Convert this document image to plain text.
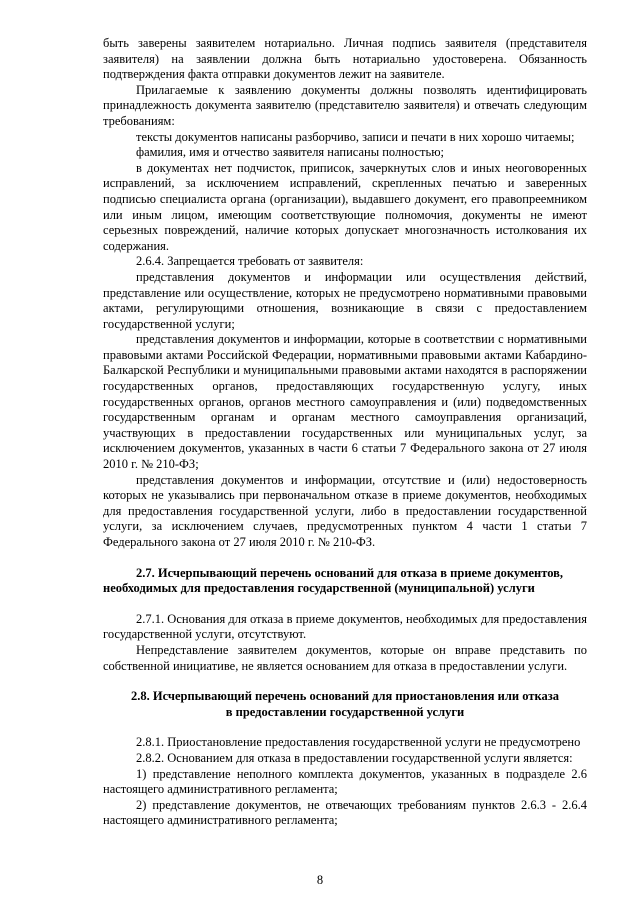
быть заверены заявителем нотариально. Личная подпись заявителя (представителя заявителя) на заявлении должна быть нотариально удостоверена. Обязанность подтверждения факта отправки документов лежит на заявителе.

Прилагаемые к заявлению документы должны позволять идентифицировать принадлежность документа заявителю (представителю заявителя) и отвечать следующим требованиям:

тексты документов написаны разборчиво, записи и печати в них хорошо читаемы;

фамилия, имя и отчество заявителя написаны полностью;

в документах нет подчисток, приписок, зачеркнутых слов и иных неоговоренных исправлений, за исключением исправлений, скрепленных печатью и заверенных подписью специалиста органа (организации), выдавшего документ, его правопреемником или иным лицом, имеющим соответствующие полномочия, документы не имеют серьезных повреждений, наличие которых допускает многозначность истолкования их содержания.

2.6.4. Запрещается требовать от заявителя:

представления документов и информации или осуществления действий, представление или осуществление, которых не предусмотрено нормативными правовыми актами, регулирующими отношения, возникающие в связи с предоставлением государственной услуги;

представления документов и информации, которые в соответствии с нормативными правовыми актами Российской Федерации, нормативными правовыми актами Кабардино-Балкарской Республики и муниципальными правовыми актами находятся в распоряжении государственных органов, предоставляющих государственную услугу, иных государственных органов, органов местного самоуправления и (или) подведомственных государственным органам и органам местного самоуправления организаций, участвующих в предоставлении государственных или муниципальных услуг, за исключением документов, указанных в части 6 статьи 7 Федерального закона от 27 июля 2010 г. № 210-ФЗ;

представления документов и информации, отсутствие и (или) недостоверность которых не указывались при первоначальном отказе в приеме документов, необходимых для предоставления государственной услуги, либо в предоставлении государственной услуги, за исключением случаев, предусмотренных пунктом 4 части 1 статьи 7 Федерального закона от 27 июля 2010 г. № 210-ФЗ.

2.7. Исчерпывающий перечень оснований для отказа в приеме документов, необходимых для предоставления государственной (муниципальной) услуги

2.7.1. Основания для отказа в приеме документов, необходимых для предоставления государственной услуги, отсутствуют.

Непредставление заявителем документов, которые он вправе представить по собственной инициативе, не является основанием для отказа в предоставлении услуги.

2.8. Исчерпывающий перечень оснований для приостановления или отказа

в предоставлении государственной услуги

2.8.1. Приостановление предоставления государственной услуги не предусмотрено

2.8.2. Основанием для отказа в предоставлении государственной услуги является:

1) представление неполного комплекта документов, указанных в подразделе 2.6 настоящего административного регламента;

2) представление документов, не отвечающих требованиям пунктов 2.6.3 - 2.6.4 настоящего административного регламента;

8
